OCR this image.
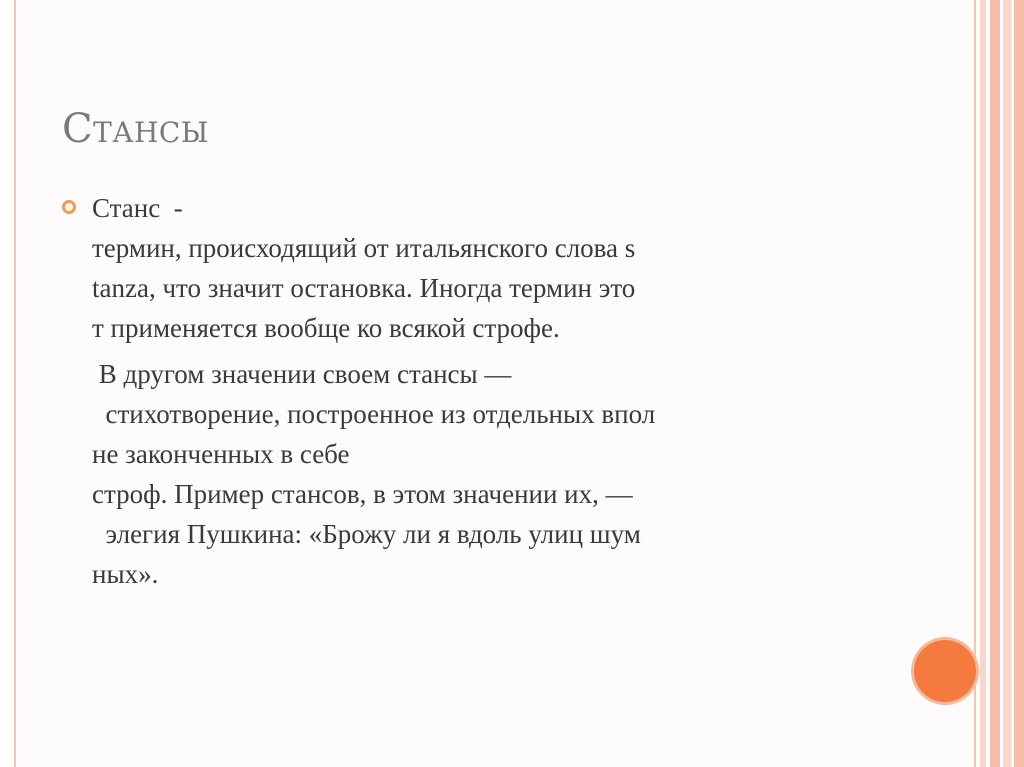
Стансы

Станс  -
термин, происходящий от итальянского слова s
tanza, что значит остановка. Иногда термин это
т применяется вообще ко всякой строфе.

В другом значении своем стансы —
стихотворение, построенное из отдельных впол
не законченных в себе
строф. Пример стансов, в этом значении их, —
элегия Пушкина: «Брожу ли я вдоль улиц шум
ных».
